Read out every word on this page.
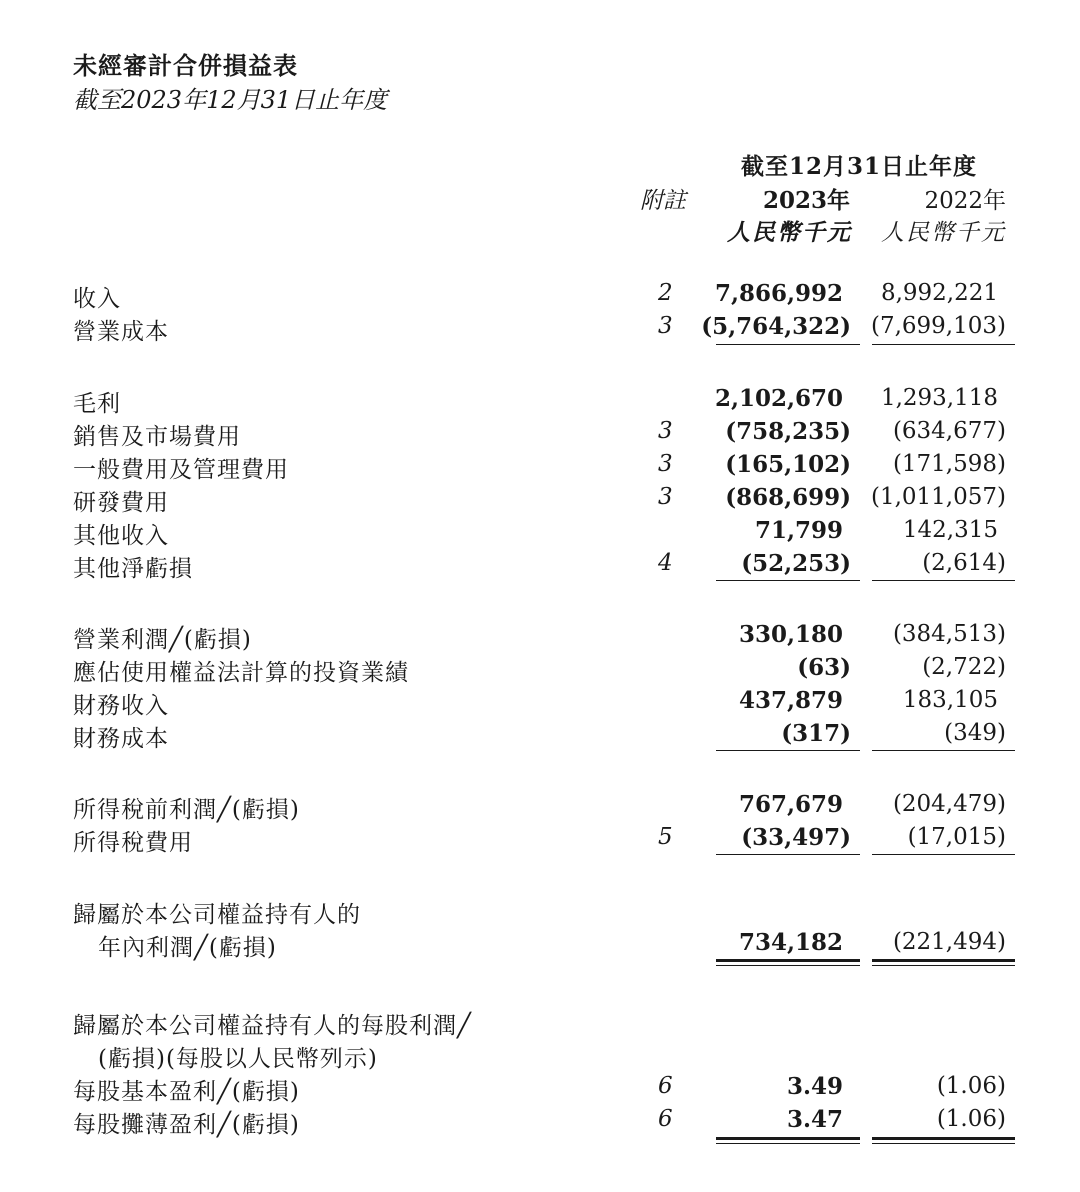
未經審計合併損益表
截至2023年12月31日止年度
截至12月31日止年度
附註	2023年	2022年
人民幣千元 人民幣千元
收入	2 7,866,992	8,992,221
營業成本	3 (5,764,322) (7,699,103)
毛利	2,102,670	1,293,118
銷售及市場費用	3 (758,235) (634,677)
一般費用及管理費用	3 (165,102) (171,598)
研發費用	3 (868,699) (1,011,057)
其他收入	71,799	142,315
其他淨虧損	4	(52,253)	(2,614)
營業利潤╱(虧損)	330,180	(384,513)
應佔使用權益法計算的投資業績	(63)	(2,722)
財務收入	437,879	183,105
財務成本	(317)	(349)
所得稅前利潤╱(虧損)	767,679	(204,479)
所得稅費用	5	(33,497) (17,015)
歸屬於本公司權益持有人的
年內利潤╱(虧損)	734,182	(221,494)
歸屬於本公司權益持有人的每股利潤╱
(虧損)(每股以人民幣列示)
每股基本盈利╱(虧損)	6	3.49	(1.06)
每股攤薄盈利╱(虧損)	6	3.47	(1.06)
